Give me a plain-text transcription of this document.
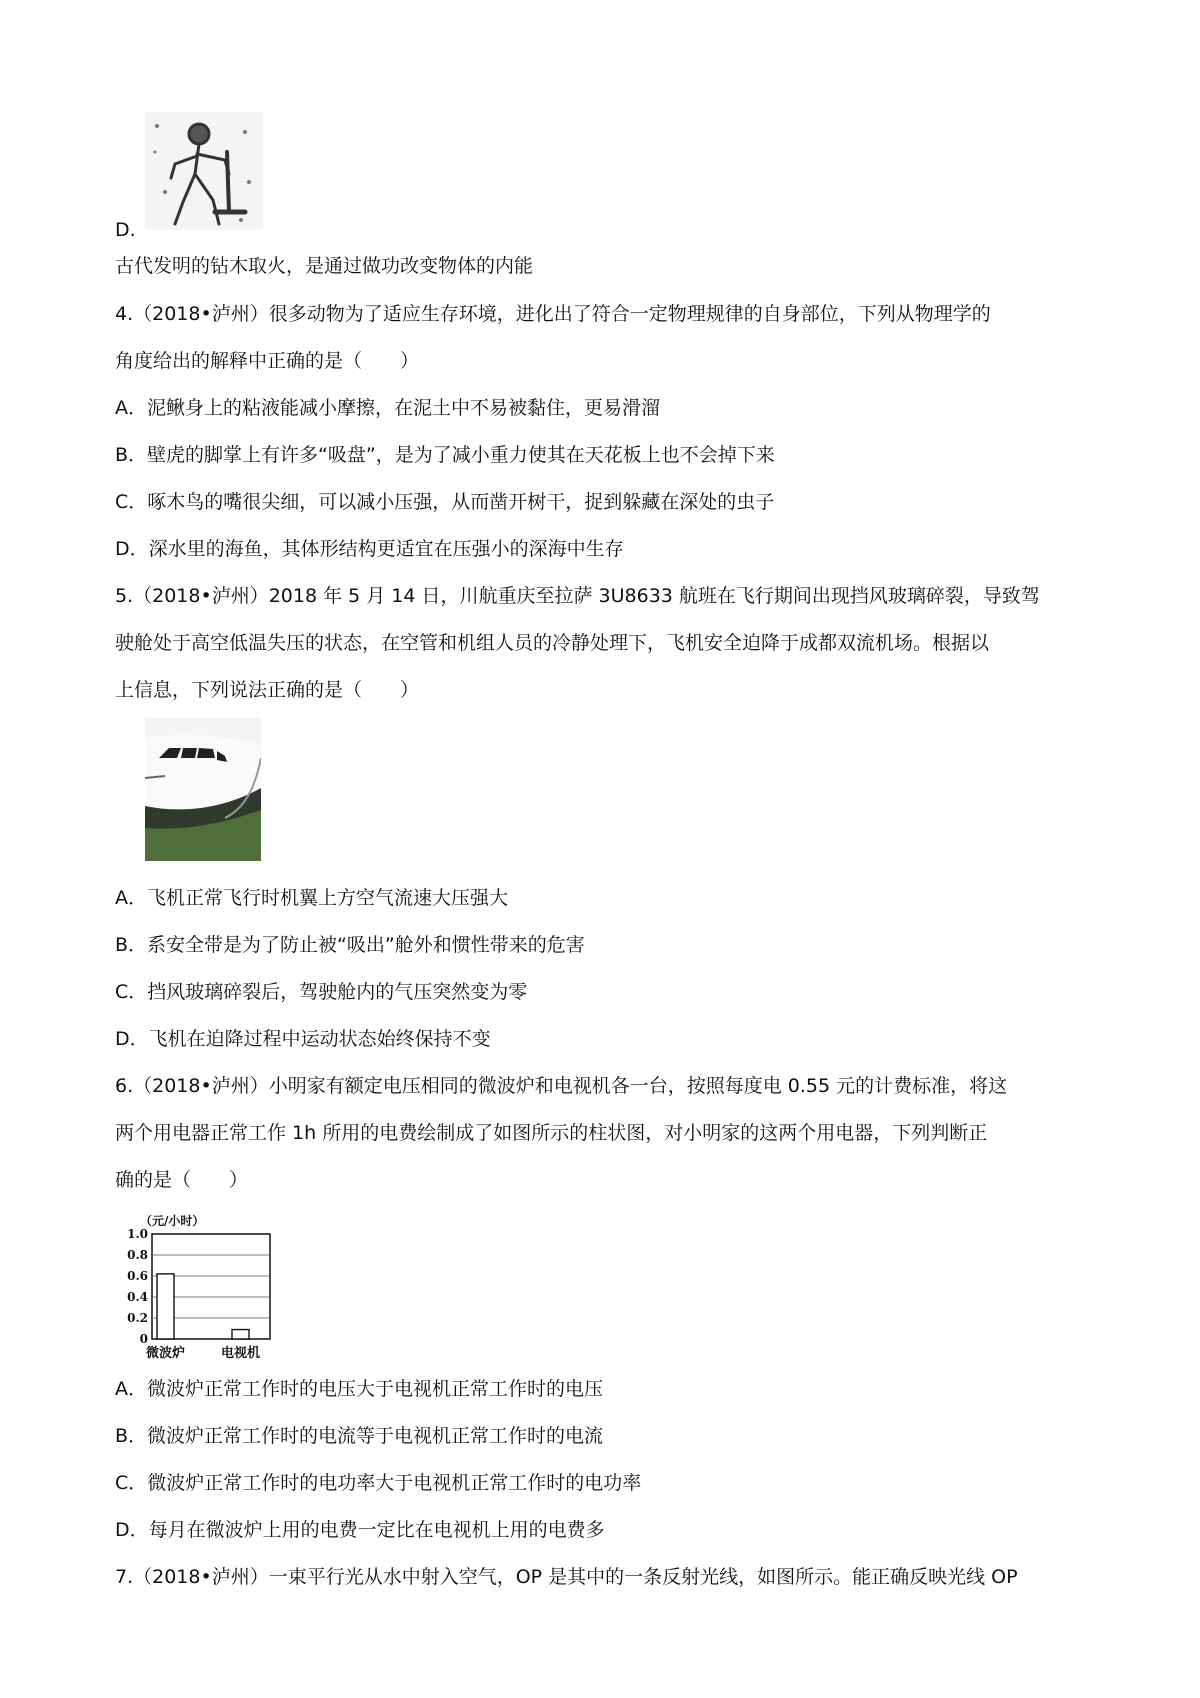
D.
古代发明的钻木取火，是通过做功改变物体的内能
4.（2018•泸州）很多动物为了适应生存环境，进化出了符合一定物理规律的自身部位，下列从物理学的
角度给出的解释中正确的是（　　）
A．泥鳅身上的粘液能减小摩擦，在泥土中不易被黏住，更易滑溜
B．壁虎的脚掌上有许多“吸盘”，是为了减小重力使其在天花板上也不会掉下来
C．啄木鸟的嘴很尖细，可以减小压强，从而凿开树干，捉到躲藏在深处的虫子
D．深水里的海鱼，其体形结构更适宜在压强小的深海中生存
5.（2018•泸州）2018 年 5 月 14 日，川航重庆至拉萨 3U8633 航班在飞行期间出现挡风玻璃碎裂，导致驾
驶舱处于高空低温失压的状态，在空管和机组人员的冷静处理下，飞机安全迫降于成都双流机场。根据以
上信息，下列说法正确的是（　　）
A．飞机正常飞行时机翼上方空气流速大压强大
B．系安全带是为了防止被“吸出”舱外和惯性带来的危害
C．挡风玻璃碎裂后，驾驶舱内的气压突然变为零
D．飞机在迫降过程中运动状态始终保持不变
6.（2018•泸州）小明家有额定电压相同的微波炉和电视机各一台，按照每度电 0.55 元的计费标准，将这
两个用电器正常工作 1h 所用的电费绘制成了如图所示的柱状图，对小明家的这两个用电器，下列判断正
确的是（　　）
（元/小时）
1.0
0.8
0.6
0.4
0.2
0
微波炉	电视机
A．微波炉正常工作时的电压大于电视机正常工作时的电压
B．微波炉正常工作时的电流等于电视机正常工作时的电流
C．微波炉正常工作时的电功率大于电视机正常工作时的电功率
D．每月在微波炉上用的电费一定比在电视机上用的电费多
7.（2018•泸州）一束平行光从水中射入空气，OP 是其中的一条反射光线，如图所示。能正确反映光线 OP
